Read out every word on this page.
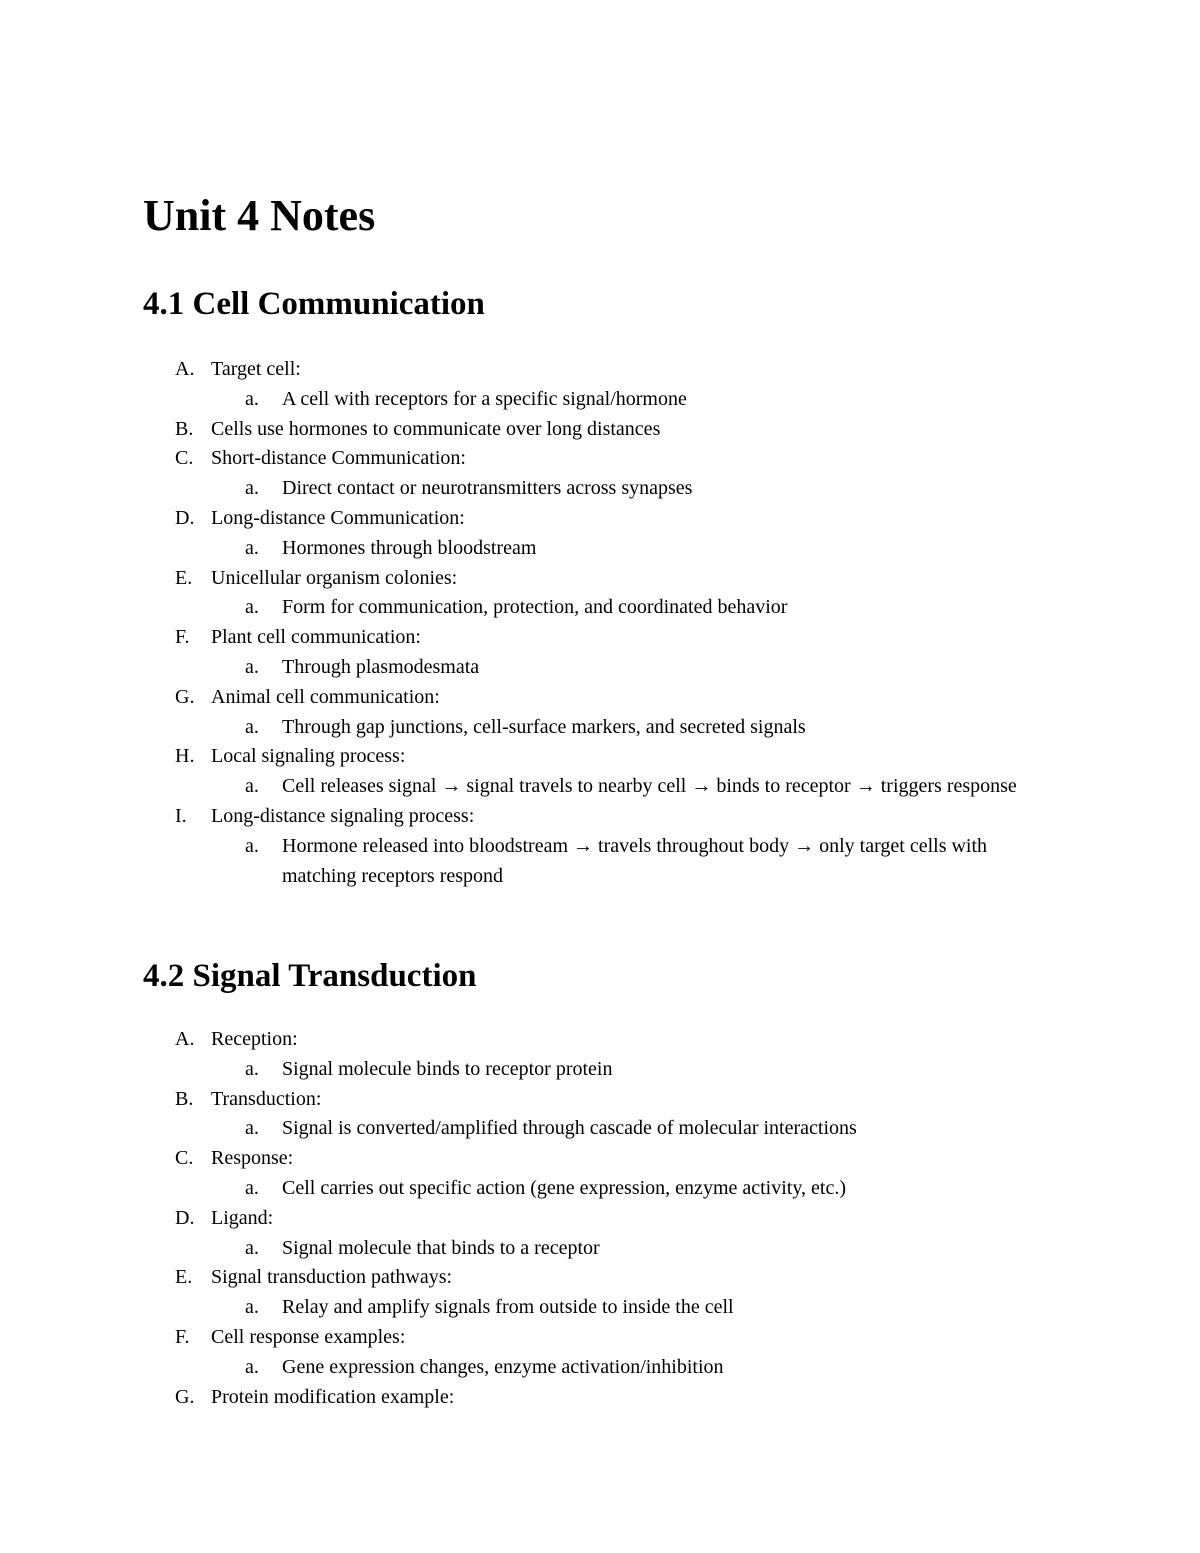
Unit 4 Notes
4.1 Cell Communication
A. Target cell:
a. A cell with receptors for a specific signal/hormone
B. Cells use hormones to communicate over long distances
C. Short-distance Communication:
a. Direct contact or neurotransmitters across synapses
D. Long-distance Communication:
a. Hormones through bloodstream
E. Unicellular organism colonies:
a. Form for communication, protection, and coordinated behavior
F. Plant cell communication:
a. Through plasmodesmata
G. Animal cell communication:
a. Through gap junctions, cell-surface markers, and secreted signals
H. Local signaling process:
a. Cell releases signal → signal travels to nearby cell → binds to receptor → triggers response
I. Long-distance signaling process:
a. Hormone released into bloodstream → travels throughout body → only target cells with matching receptors respond
4.2 Signal Transduction
A. Reception:
a. Signal molecule binds to receptor protein
B. Transduction:
a. Signal is converted/amplified through cascade of molecular interactions
C. Response:
a. Cell carries out specific action (gene expression, enzyme activity, etc.)
D. Ligand:
a. Signal molecule that binds to a receptor
E. Signal transduction pathways:
a. Relay and amplify signals from outside to inside the cell
F. Cell response examples:
a. Gene expression changes, enzyme activation/inhibition
G. Protein modification example:
